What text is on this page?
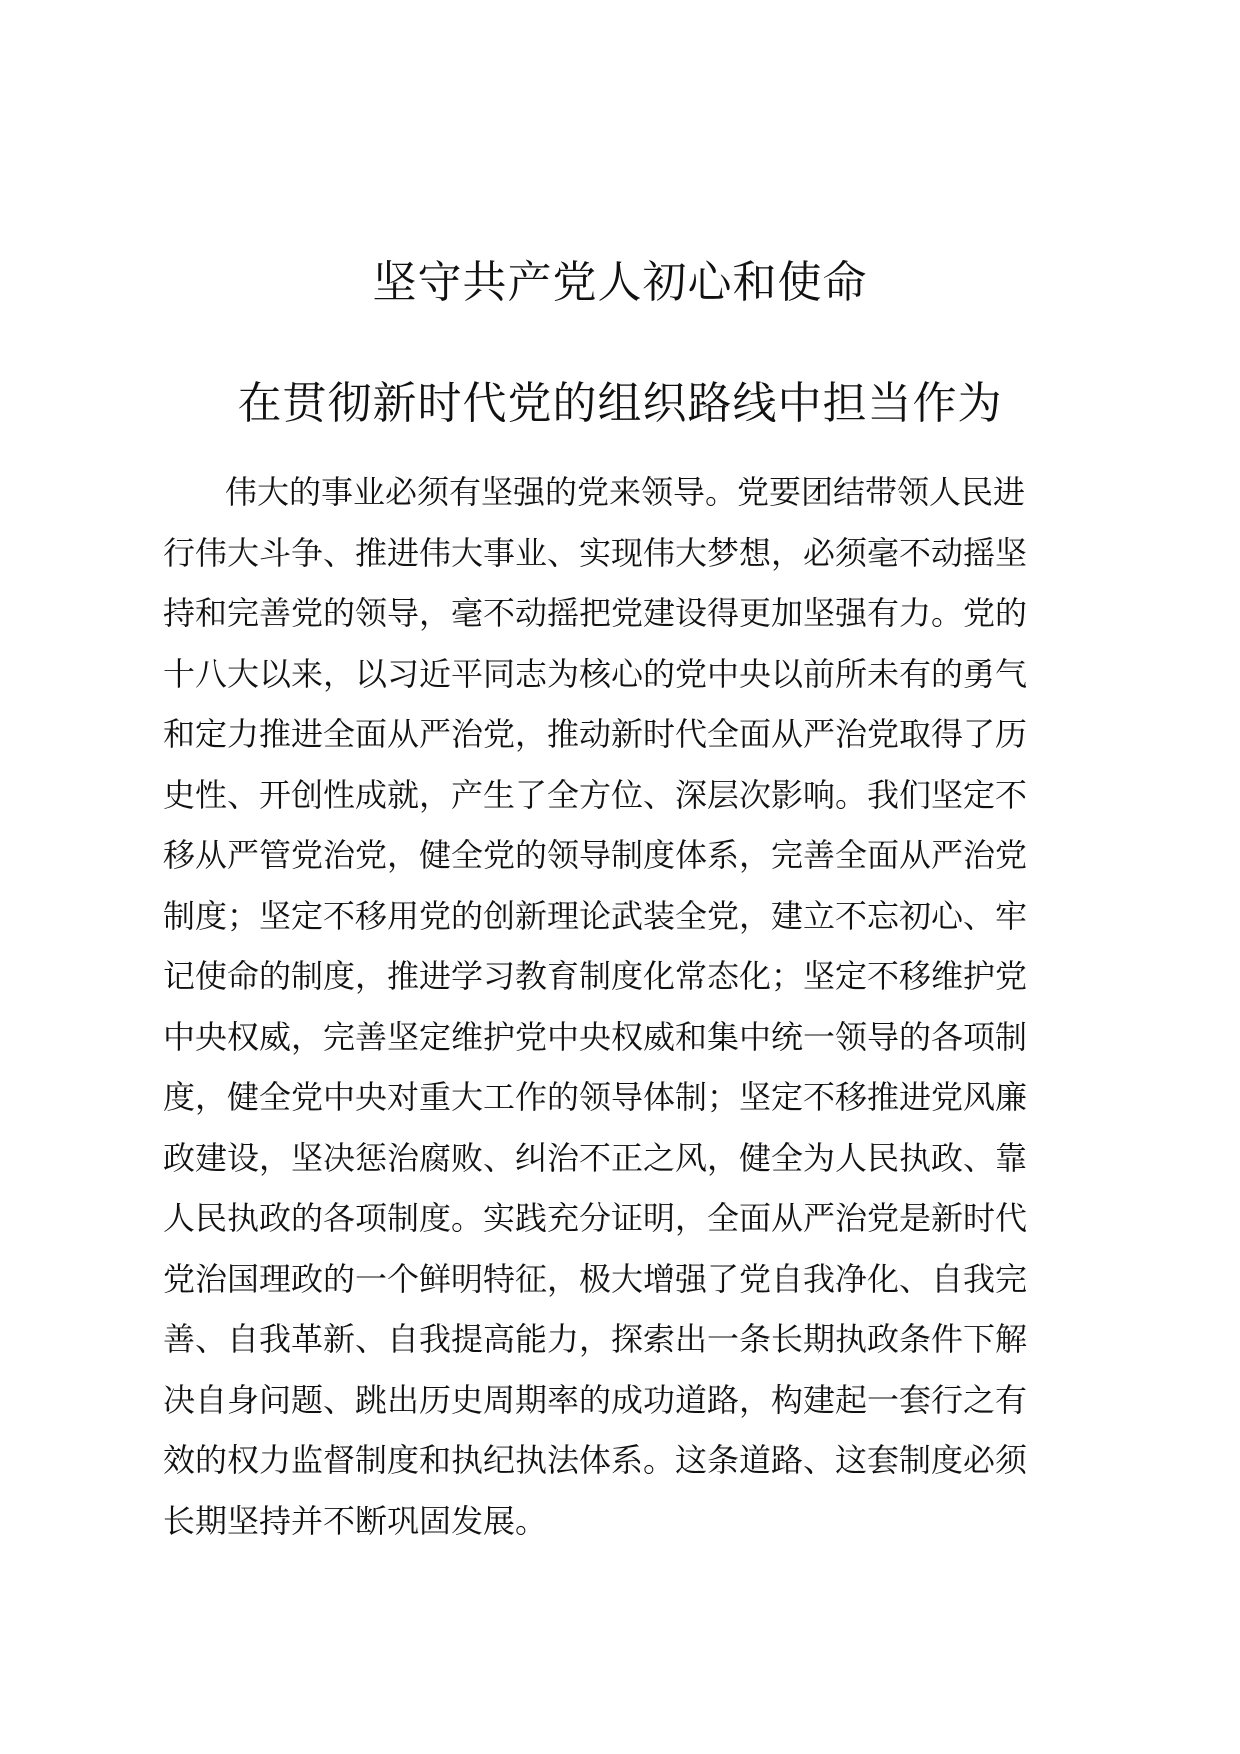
坚守共产党人初心和使命
在贯彻新时代党的组织路线中担当作为
伟大的事业必须有坚强的党来领导。党要团结带领人民进
行伟大斗争、推进伟大事业、实现伟大梦想，必须毫不动摇坚
持和完善党的领导，毫不动摇把党建设得更加坚强有力。党的
十八大以来，以习近平同志为核心的党中央以前所未有的勇气
和定力推进全面从严治党，推动新时代全面从严治党取得了历
史性、开创性成就，产生了全方位、深层次影响。我们坚定不
移从严管党治党，健全党的领导制度体系，完善全面从严治党
制度；坚定不移用党的创新理论武装全党，建立不忘初心、牢
记使命的制度，推进学习教育制度化常态化；坚定不移维护党
中央权威，完善坚定维护党中央权威和集中统一领导的各项制
度，健全党中央对重大工作的领导体制；坚定不移推进党风廉
政建设，坚决惩治腐败、纠治不正之风，健全为人民执政、靠
人民执政的各项制度。实践充分证明，全面从严治党是新时代
党治国理政的一个鲜明特征，极大增强了党自我净化、自我完
善、自我革新、自我提高能力，探索出一条长期执政条件下解
决自身问题、跳出历史周期率的成功道路，构建起一套行之有
效的权力监督制度和执纪执法体系。这条道路、这套制度必须
长期坚持并不断巩固发展。
